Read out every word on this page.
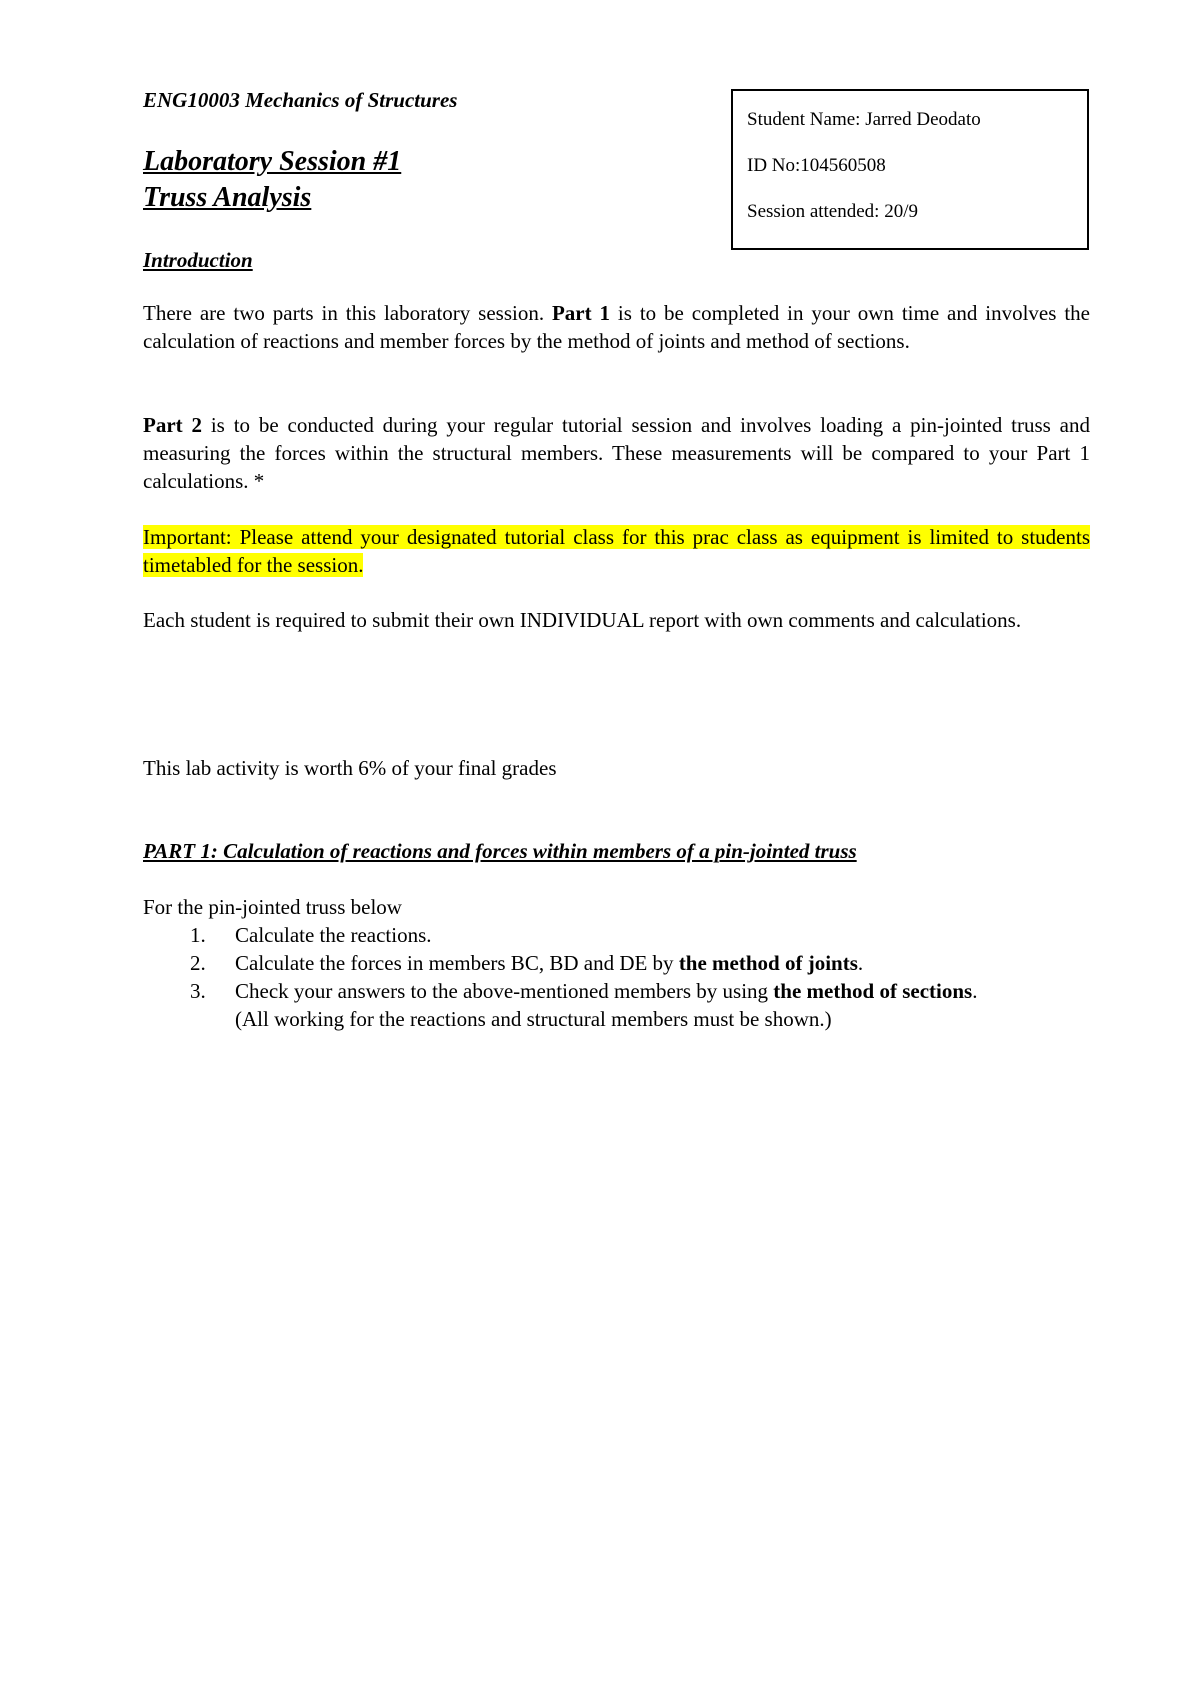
ENG10003 Mechanics of Structures
Laboratory Session #1
Truss Analysis
Student Name: Jarred Deodato
ID No:104560508
Session attended: 20/9
Introduction
There are two parts in this laboratory session. Part 1 is to be completed in your own time and involves the calculation of reactions and member forces by the method of joints and method of sections.
Part 2 is to be conducted during your regular tutorial session and involves loading a pin-jointed truss and measuring the forces within the structural members. These measurements will be compared to your Part 1 calculations. *
Important: Please attend your designated tutorial class for this prac class as equipment is limited to students timetabled for the session.
Each student is required to submit their own INDIVIDUAL report with own comments and calculations.
This lab activity is worth 6% of your final grades
PART 1: Calculation of reactions and forces within members of a pin-jointed truss
For the pin-jointed truss below
1. Calculate the reactions.
2. Calculate the forces in members BC, BD and DE by the method of joints.
3. Check your answers to the above-mentioned members by using the method of sections.
(All working for the reactions and structural members must be shown.)
